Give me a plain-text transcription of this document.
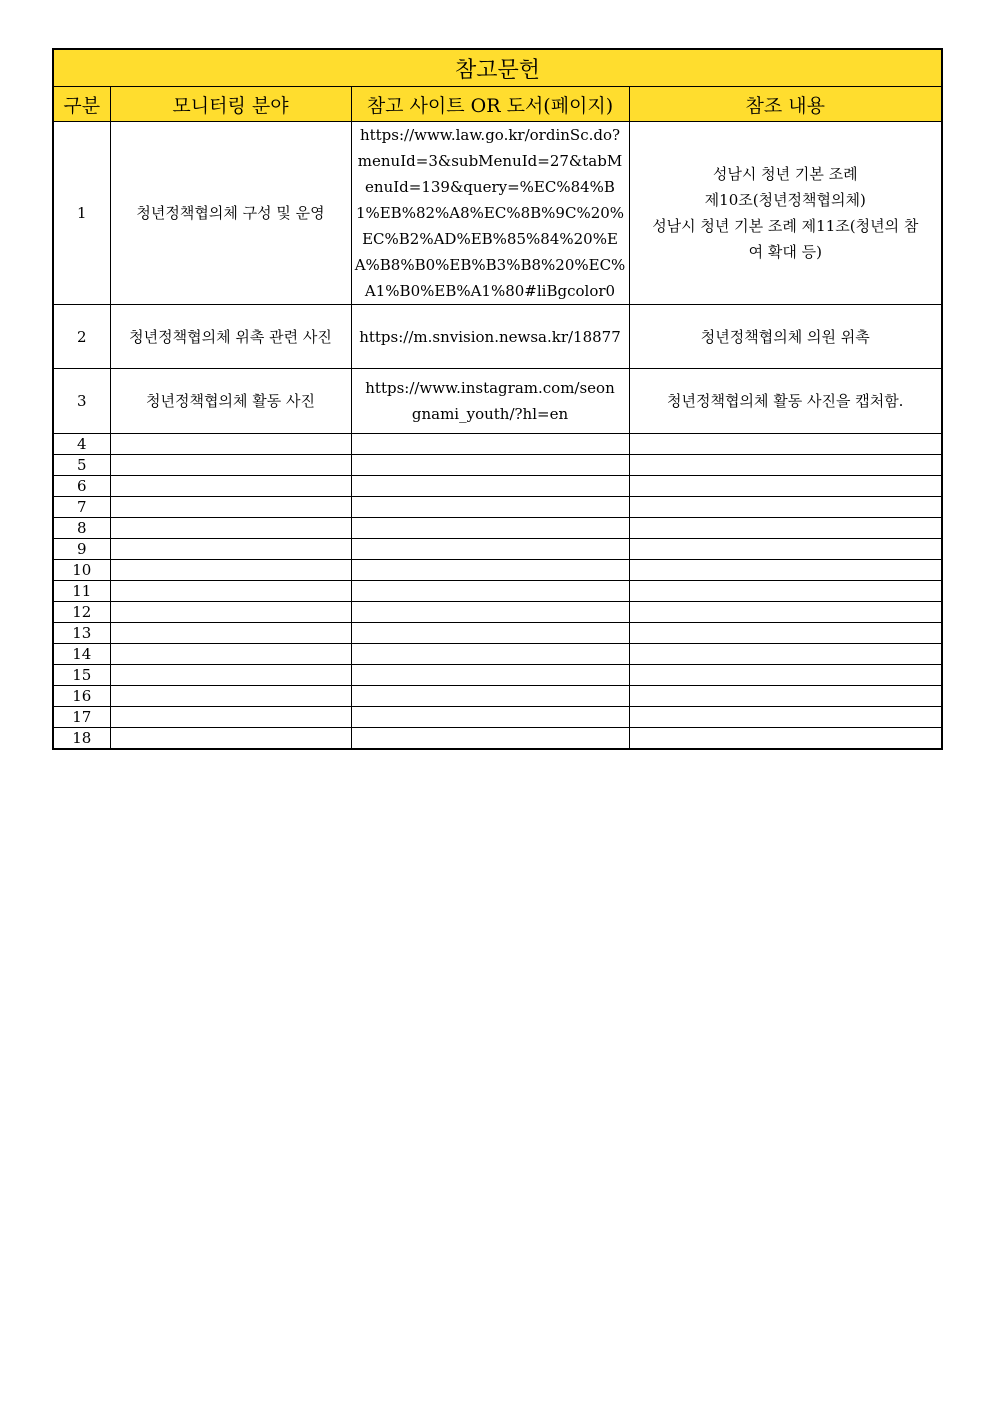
참고문헌			
구분	모니터링 분야	참고 사이트 OR 도서(페이지)	참조 내용
1	청년정책협의체 구성 및 운영	https://www.law.go.kr/ordinSc.do?menuId=3&subMenuId=27&tabMenuId=139&query=%EC%84%B1%EB%82%A8%EC%8B%9C%20%EC%B2%AD%EB%85%84%20%EA%B8%B0%EB%B3%B8%20%EC%A1%B0%EB%A1%80#liBgcolor0	성남시 청년 기본 조례
제10조(청년정책협의체)
성남시 청년 기본 조례 제11조(청년의 참여 확대 등)

2	청년정책협의체 위촉 관련 사진	https://m.snvision.newsa.kr/18877	청년정책협의체 의원 위촉
3	청년정책협의체 활동 사진	https://www.instagram.com/seongnami_youth/?hl=en	청년정책협의체 활동 사진을 캡처함.
4			
5			
6			
7			
8			
9			
10			
11			
12			
13			
14			
15			
16			
17			
18			
